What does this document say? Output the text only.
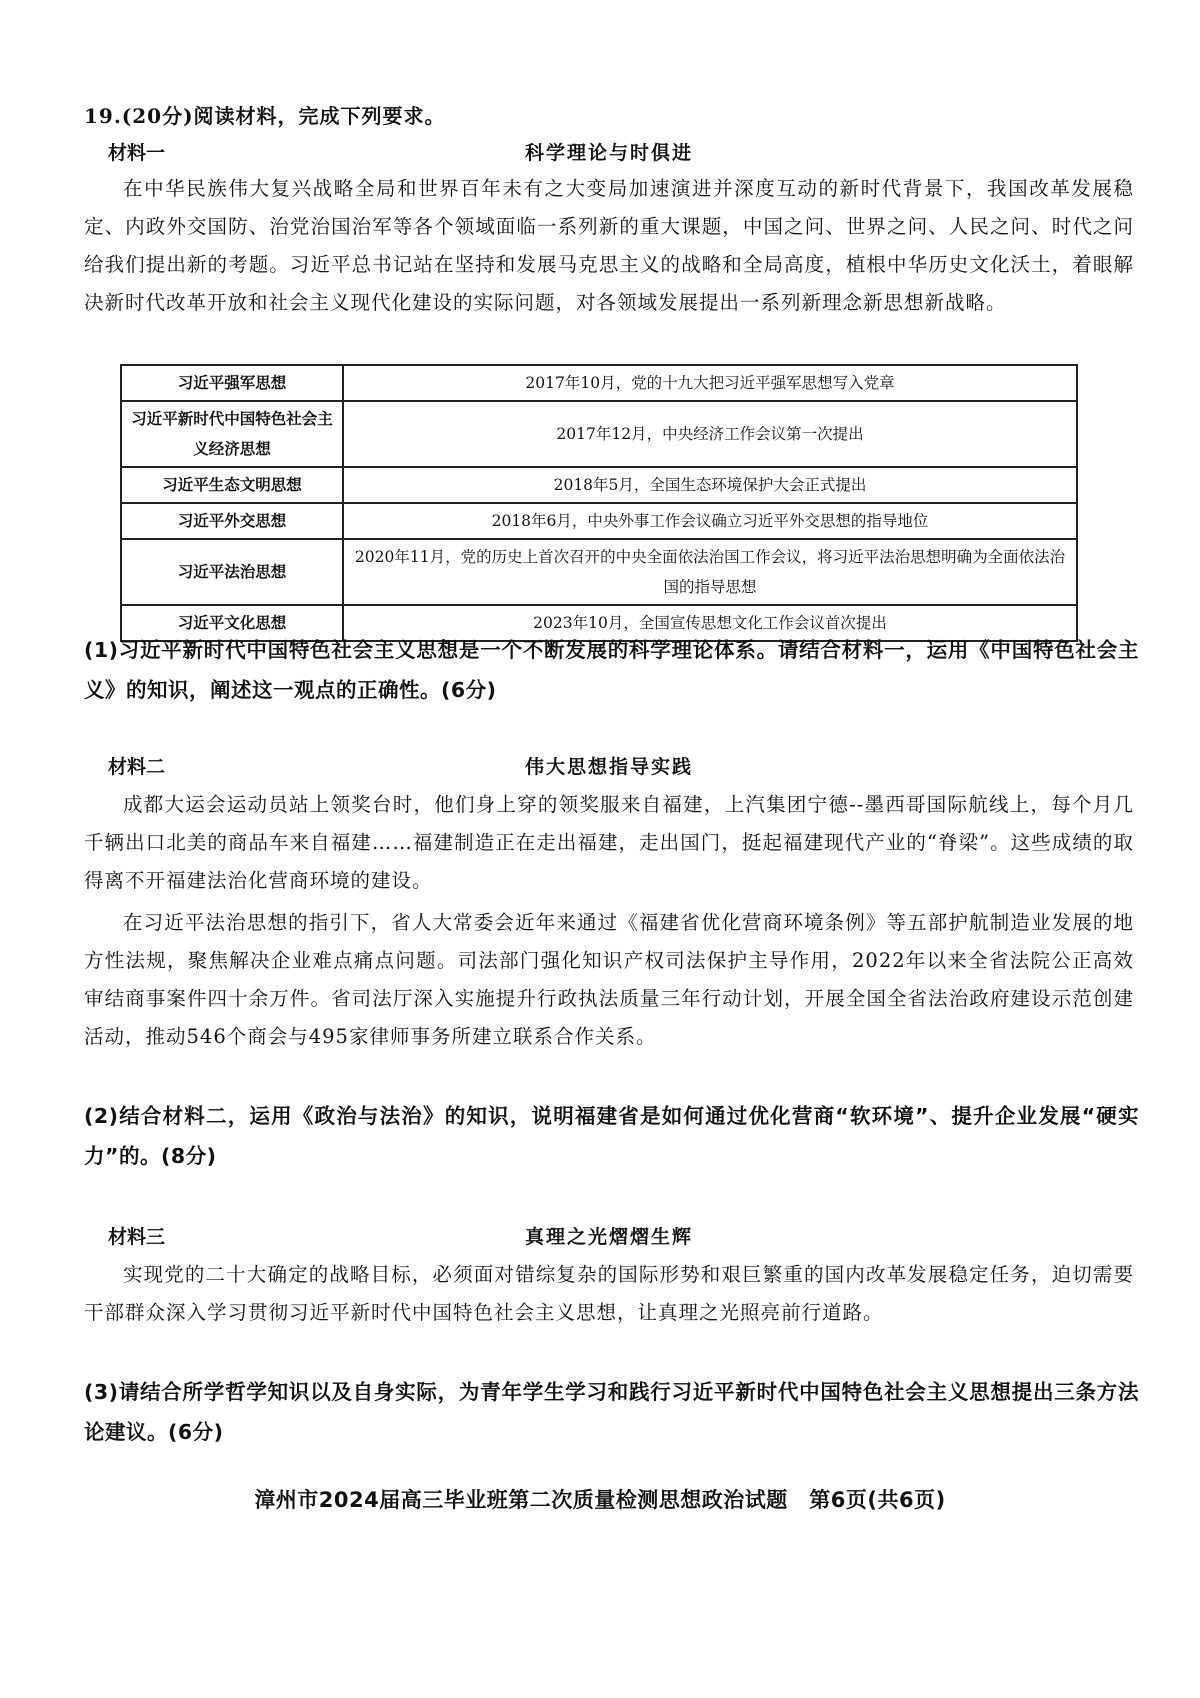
19.(20分)阅读材料，完成下列要求。
材料一	科学理论与时俱进

在中华民族伟大复兴战略全局和世界百年未有之大变局加速演进并深度互动的新时代背景下，我国改革发展稳定、内政外交国防、治党治国治军等各个领域面临一系列新的重大课题，中国之问、世界之问、人民之问、时代之问给我们提出新的考题。习近平总书记站在坚持和发展马克思主义的战略和全局高度，植根中华历史文化沃土，着眼解决新时代改革开放和社会主义现代化建设的实际问题，对各领域发展提出一系列新理念新思想新战略。

习近平强军思想	2017年10月，党的十九大把习近平强军思想写入党章
习近平新时代中国特色社会主义经济思想	2017年12月，中央经济工作会议第一次提出
习近平生态文明思想	2018年5月，全国生态环境保护大会正式提出
习近平外交思想	2018年6月，中央外事工作会议确立习近平外交思想的指导地位
习近平法治思想	2020年11月，党的历史上首次召开的中央全面依法治国工作会议，将习近平法治思想明确为全面依法治国的指导思想
习近平文化思想	2023年10月，全国宣传思想文化工作会议首次提出

(1)习近平新时代中国特色社会主义思想是一个不断发展的科学理论体系。请结合材料一，运用《中国特色社会主义》的知识，阐述这一观点的正确性。(6分)

材料二	伟大思想指导实践

成都大运会运动员站上领奖台时，他们身上穿的领奖服来自福建，上汽集团宁德--墨西哥国际航线上，每个月几千辆出口北美的商品车来自福建……福建制造正在走出福建，走出国门，挺起福建现代产业的“脊梁”。这些成绩的取得离不开福建法治化营商环境的建设。

在习近平法治思想的指引下，省人大常委会近年来通过《福建省优化营商环境条例》等五部护航制造业发展的地方性法规，聚焦解决企业难点痛点问题。司法部门强化知识产权司法保护主导作用，2022年以来全省法院公正高效审结商事案件四十余万件。省司法厅深入实施提升行政执法质量三年行动计划，开展全国全省法治政府建设示范创建活动，推动546个商会与495家律师事务所建立联系合作关系。

(2)结合材料二，运用《政治与法治》的知识，说明福建省是如何通过优化营商“软环境”、提升企业发展“硬实力”的。(8分)

材料三	真理之光熠熠生辉

实现党的二十大确定的战略目标，必须面对错综复杂的国际形势和艰巨繁重的国内改革发展稳定任务，迫切需要干部群众深入学习贯彻习近平新时代中国特色社会主义思想，让真理之光照亮前行道路。

(3)请结合所学哲学知识以及自身实际，为青年学生学习和践行习近平新时代中国特色社会主义思想提出三条方法论建议。(6分)

漳州市2024届高三毕业班第二次质量检测思想政治试题　第6页(共6页)
